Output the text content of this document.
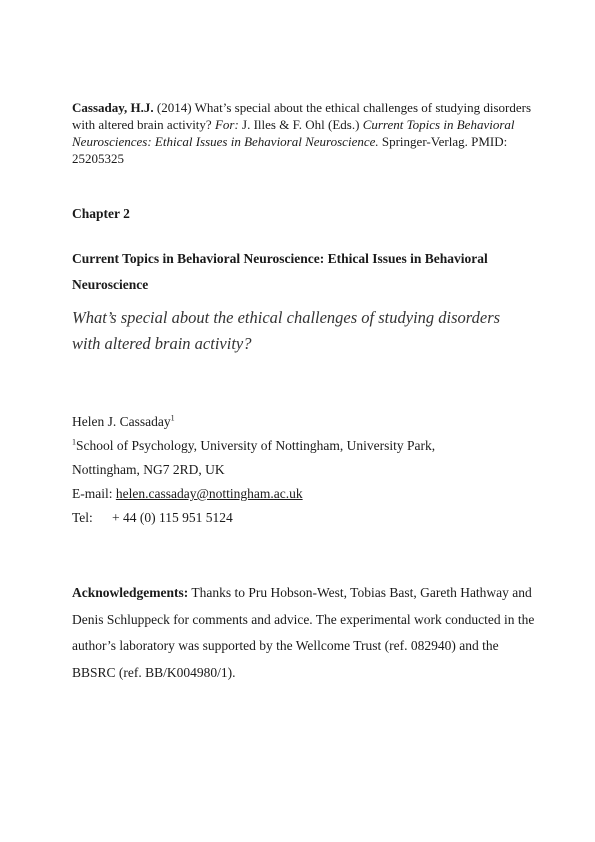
Cassaday, H.J. (2014) What’s special about the ethical challenges of studying disorders with altered brain activity? For: J. Illes & F. Ohl (Eds.) Current Topics in Behavioral Neurosciences: Ethical Issues in Behavioral Neuroscience. Springer-Verlag. PMID: 25205325
Chapter 2
Current Topics in Behavioral Neuroscience: Ethical Issues in Behavioral Neuroscience
What’s special about the ethical challenges of studying disorders with altered brain activity?
Helen J. Cassaday$^1$
$^1$School of Psychology, University of Nottingham, University Park,
Nottingham, NG7 2RD, UK
E-mail: helen.cassaday@nottingham.ac.uk
Tel: + 44 (0) 115 951 5124
Acknowledgements: Thanks to Pru Hobson-West, Tobias Bast, Gareth Hathway and Denis Schluppeck for comments and advice. The experimental work conducted in the author’s laboratory was supported by the Wellcome Trust (ref. 082940) and the BBSRC (ref. BB/K004980/1).
